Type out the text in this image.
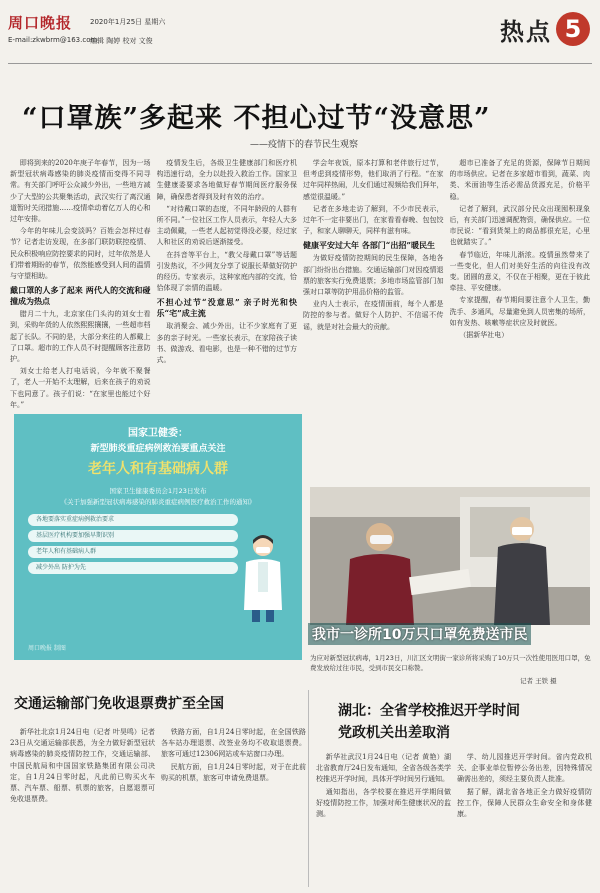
周口晚报
E-mail:zkwbrm@163.com
2020年1月25日 星期六
编辑 陶婷 校对 文俊	热点 5
“口罩族”多起来 不担心过节“没意思”
——疫情下的春节民生观察

即将到来的2020年庚子年春节，因为一场新型冠状病毒感染的肺炎疫情而变得不同寻常。有关部门呼吁公众减少外出，一些地方减少了大型的公共聚集活动，武汉实行了离汉通道暂时关闭措施……疫情牵动着亿万人的心和过年安排。

今年的年味儿会变淡吗？百姓会怎样过春节？记者走访发现，在多部门联防联控疫情、民众积极响应防控要求的同时，过年依然是人们带着期盼的春节，依然能感受到人间的温情与守望相助。

戴口罩的人多了起来 两代人的交流和碰撞成为热点

腊月二十九，北京家住门头沟的刘女士看到，采购年货的人依然熙熙攘攘，一些超市档起了长队。不同的是，大部分来往的人都戴上了口罩。超市的工作人员不时提醒顾客注意防护。

刘女士给老人打电话说，今年就不聚餐了，老人一开始不太理解，后来在孩子的劝说下也同意了。孩子们说：“在家里也能过个好年。”

疫情发生后，各级卫生健康部门和医疗机构迅速行动，全力以赴投入救治工作。国家卫生健康委要求各地做好春节期间医疗服务保障，确保患者得到及时有效的治疗。

“对待戴口罩的态度，不同年龄段的人群有所不同。”一位社区工作人员表示，年轻人大多主动佩戴，一些老人起初觉得没必要，经过家人和社区的劝说后逐渐接受。

在抖音等平台上，“教父母戴口罩”等话题引发热议，不少网友分享了说服长辈做好防护的经历。专家表示，这种家庭内部的交流，恰恰体现了亲情的温暖。

不担心过节“没意思” 亲子时光和快乐“宅”成主流

取消聚会、减少外出，让不少家庭有了更多的亲子时光。一些家长表示，在家陪孩子读书、做游戏、看电影，也是一种不错的过节方式。

学会年夜饭，原本打算和老伴旅行过节，但考虑到疫情形势，他们取消了行程。“在家过年同样热闹，儿女们通过视频给我们拜年，感觉很温暖。”

记者在多地走访了解到，不少市民表示，过年不一定非要出门，在家看看春晚、包包饺子，和家人聊聊天，同样有滋有味。

健康平安过大年 各部门“出招”暖民生

为做好疫情防控期间的民生保障，各地各部门纷纷出台措施。交通运输部门对因疫情退票的旅客实行免费退票；多地市场监管部门加强对口罩等防护用品价格的监管。

业内人士表示，在疫情面前，每个人都是防控的参与者。做好个人防护、不信谣不传谣，就是对社会最大的贡献。

超市已准备了充足的货源，保障节日期间的市场供应。记者在多家超市看到，蔬菜、肉类、米面油等生活必需品货源充足，价格平稳。

记者了解到，武汉部分民众出现囤积现象后，有关部门迅速调配物资，确保供应。一位市民说：“看到货架上的商品都很充足，心里也就踏实了。”

春节临近，年味儿渐浓。疫情虽然带来了一些变化，但人们对美好生活的向往没有改变。团圆的意义，不仅在于相聚，更在于彼此牵挂、平安健康。

专家提醒，春节期间要注意个人卫生，勤洗手、多通风，尽量避免到人员密集的场所，如有发热、咳嗽等症状应及时就医。

（据新华社电）

国家卫健委：
新型肺炎重症病例救治要重点关注
老年人和有基础病人群
国家卫生健康委员会1月23日发布
《关于加强新型冠状病毒感染的肺炎重症病例医疗救治工作的通知》
各地要落实重症病例救治要求
基层医疗机构要加强早期识别
老年人和有基础病人群
减少外出 防护为先
周口晚报 制图
我市一诊所10万只口罩免费送市民
为应对新型冠状病毒，1月23日，川汇区文明街一家诊所将采购了10万只一次性使用医用口罩，免费发放给过往市民，受到市民交口称赞。
记者 王铁 摄
交通运输部门免收退票费扩至全国

新华社北京1月24日电（记者 叶昊鸣）记者23日从交通运输部获悉，为全力做好新型冠状病毒感染的肺炎疫情防控工作，交通运输部、中国民航局和中国国家铁路集团有限公司决定，自1月24日零时起，凡此前已购买火车票、汽车票、船票、机票的旅客，自愿退票可免收退票费。

铁路方面，自1月24日零时起，在全国铁路各车站办理退票、改签业务均不收取退票费。旅客可通过12306网站或车站窗口办理。

民航方面，自1月24日零时起，对于在此前购买的机票，旅客可申请免费退票。

湖北：全省学校推迟开学时间
党政机关出差取消

新华社武汉1月24日电（记者 黄艳）湖北省教育厅24日发布通知，全省各级各类学校推迟开学时间，具体开学时间另行通知。

通知指出，各学校要在推迟开学期间做好疫情防控工作，加强对师生健康状况的监测。

学、幼儿园推迟开学时间。省内党政机关、企事业单位暂停公务出差，因特殊情况确需出差的，须经主要负责人批准。

据了解，湖北省各地正全力做好疫情防控工作，保障人民群众生命安全和身体健康。
